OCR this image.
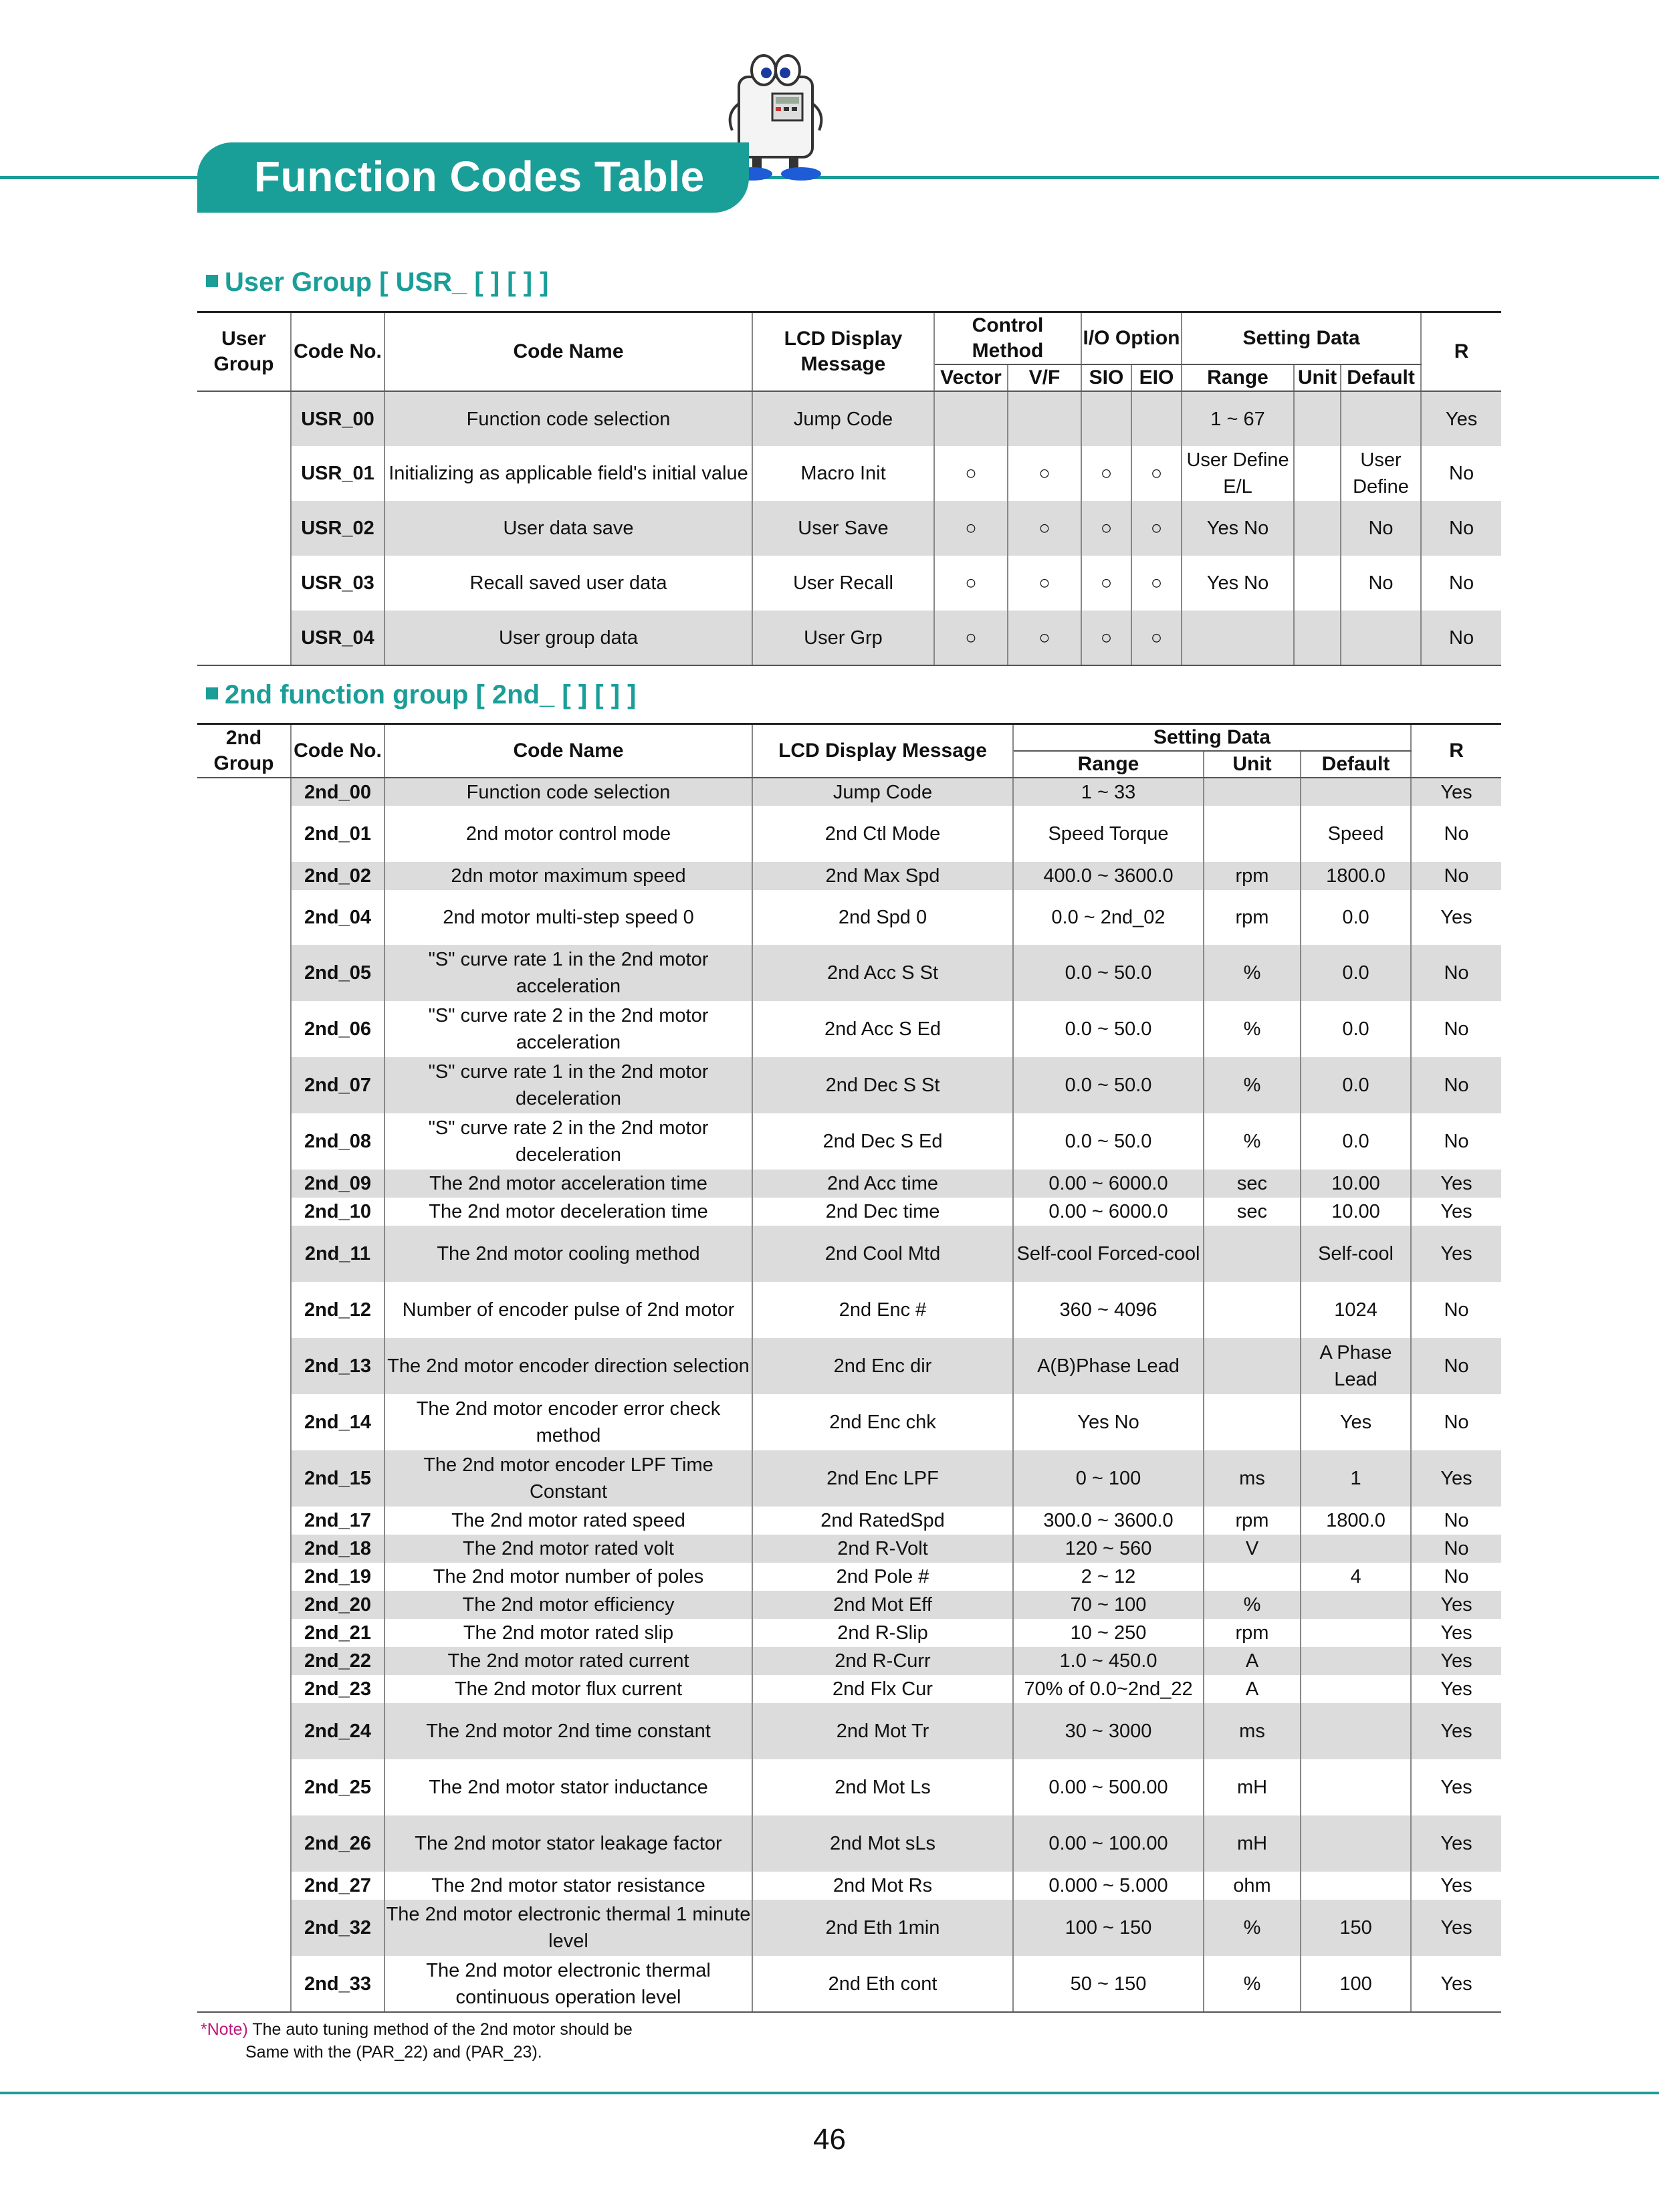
Function Codes Table
User Group [ USR_ [ ] [ ] ]
User Group	Code No.	Code Name	LCD Display Message	Control Method		I/O Option		Setting Data			R
				Vector	V/F	SIO	EIO	Range	Unit	Default	
	USR_00	Function code selection	Jump Code					1 ~ 67			Yes
	USR_01	Initializing as applicable field's initial value	Macro Init	○	○	○	○	User Define E/L		User Define	No
	USR_02	User data save	User Save	○	○	○	○	Yes No		No	No
	USR_03	Recall saved user data	User Recall	○	○	○	○	Yes No		No	No
	USR_04	User group data	User Grp	○	○	○	○				No
2nd function group [ 2nd_ [ ] [ ] ]
2nd Group	Code No.	Code Name	LCD Display Message	Setting Data			R
				Range	Unit	Default	
	2nd_00	Function code selection	Jump Code	1 ~ 33			Yes
	2nd_01	2nd motor control mode	2nd Ctl Mode	Speed Torque		Speed	No
	2nd_02	2dn motor maximum speed	2nd Max Spd	400.0 ~ 3600.0	rpm	1800.0	No
	2nd_04	2nd motor multi-step speed 0	2nd Spd 0	0.0 ~ 2nd_02	rpm	0.0	Yes
	2nd_05	"S" curve rate 1 in the 2nd motor acceleration	2nd Acc S St	0.0 ~ 50.0	%	0.0	No
	2nd_06	"S" curve rate 2 in the 2nd motor acceleration	2nd Acc S Ed	0.0 ~ 50.0	%	0.0	No
	2nd_07	"S" curve rate 1 in the 2nd motor deceleration	2nd Dec S St	0.0 ~ 50.0	%	0.0	No
	2nd_08	"S" curve rate 2 in the 2nd motor deceleration	2nd Dec S Ed	0.0 ~ 50.0	%	0.0	No
	2nd_09	The 2nd motor acceleration time	2nd Acc time	0.00 ~ 6000.0	sec	10.00	Yes
	2nd_10	The 2nd motor deceleration time	2nd Dec time	0.00 ~ 6000.0	sec	10.00	Yes
	2nd_11	The 2nd motor cooling method	2nd Cool Mtd	Self-cool Forced-cool		Self-cool	Yes
	2nd_12	Number of encoder pulse of 2nd motor	2nd Enc #	360 ~ 4096		1024	No
	2nd_13	The 2nd motor encoder direction selection	2nd Enc dir	A(B)Phase Lead		A Phase Lead	No
	2nd_14	The 2nd motor encoder error check method	2nd Enc chk	Yes No		Yes	No
	2nd_15	The 2nd motor encoder LPF Time Constant	2nd Enc LPF	0 ~ 100	ms	1	Yes
	2nd_17	The 2nd motor rated speed	2nd RatedSpd	300.0 ~ 3600.0	rpm	1800.0	No
	2nd_18	The 2nd motor rated volt	2nd R-Volt	120 ~ 560	V		No
	2nd_19	The 2nd motor number of poles	2nd Pole #	2 ~ 12		4	No
	2nd_20	The 2nd motor efficiency	2nd Mot Eff	70 ~ 100	%		Yes
	2nd_21	The 2nd motor rated slip	2nd R-Slip	10 ~ 250	rpm		Yes
	2nd_22	The 2nd motor rated current	2nd R-Curr	1.0 ~ 450.0	A		Yes
	2nd_23	The 2nd motor flux current	2nd Flx Cur	70% of 0.0~2nd_22	A		Yes
	2nd_24	The 2nd motor 2nd time constant	2nd Mot Tr	30 ~ 3000	ms		Yes
	2nd_25	The 2nd motor stator inductance	2nd Mot Ls	0.00 ~ 500.00	mH		Yes
	2nd_26	The 2nd motor stator leakage factor	2nd Mot sLs	0.00 ~ 100.00	mH		Yes
	2nd_27	The 2nd motor stator resistance	2nd Mot Rs	0.000 ~ 5.000	ohm		Yes
	2nd_32	The 2nd motor electronic thermal 1 minute level	2nd Eth 1min	100 ~ 150	%	150	Yes
	2nd_33	The 2nd motor electronic thermal continuous operation level	2nd Eth cont	50 ~ 150	%	100	Yes
*Note) The auto tuning method of the 2nd motor should be
Same with the (PAR_22) and (PAR_23).
46
